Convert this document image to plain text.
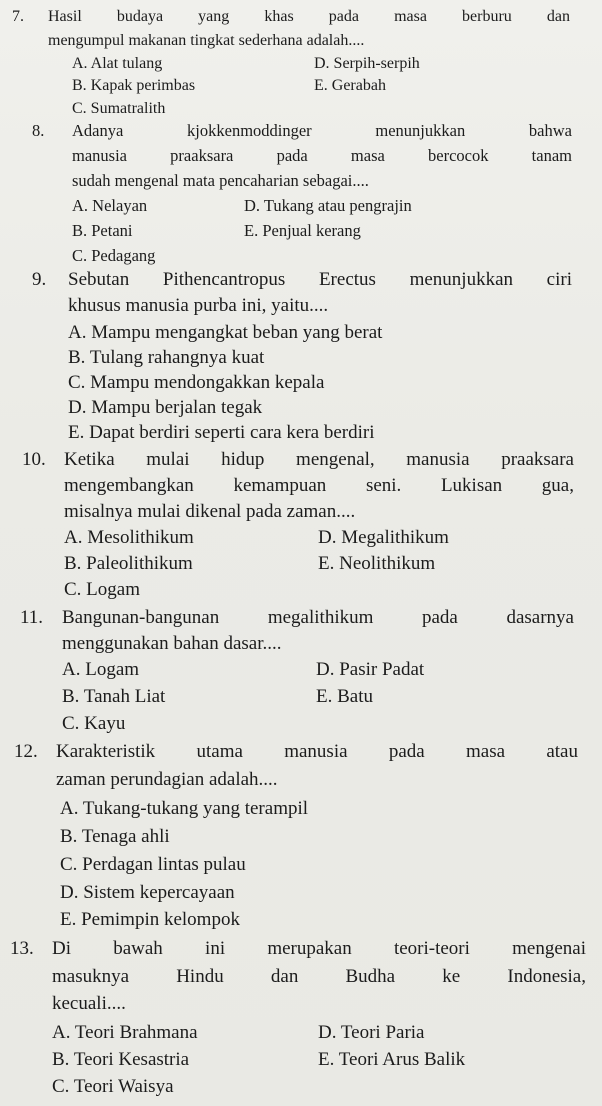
7. Hasil budaya yang khas pada masa berburu dan
mengumpul makanan tingkat sederhana adalah....
A. Alat tulang
B. Kapak perimbas
C. Sumatralith
D. Serpih-serpih
E. Gerabah
8.	Adanya kjokkenmoddinger menunjukkan bahwa
manusia praaksara pada masa bercocok tanam
sudah mengenal mata pencaharian sebagai....
A. Nelayan
B. Petani
C. Pedagang
D. Tukang atau pengrajin
E. Penjual kerang
9.	Sebutan Pithencantropus Erectus menunjukkan ciri
khusus manusia purba ini, yaitu....
A. Mampu mengangkat beban yang berat
B. Tulang rahangnya kuat
C. Mampu mendongakkan kepala
D. Mampu berjalan tegak
E. Dapat berdiri seperti cara kera berdiri
10. Ketika mulai hidup mengenal, manusia praaksara
mengembangkan kemampuan seni. Lukisan gua,
misalnya mulai dikenal pada zaman....
A. Mesolithikum
B. Paleolithikum
C. Logam
D. Megalithikum
E. Neolithikum
11. Bangunan-bangunan megalithikum pada dasarnya
menggunakan bahan dasar....
A. Logam
B. Tanah Liat
C. Kayu
D. Pasir Padat
E. Batu
12. Karakteristik utama manusia pada masa atau
zaman perundagian adalah....
A. Tukang-tukang yang terampil
B. Tenaga ahli
C. Perdagan lintas pulau
D. Sistem kepercayaan
E. Pemimpin kelompok
13. Di bawah ini merupakan teori-teori mengenai
masuknya Hindu dan Budha ke Indonesia,
kecuali....
A. Teori Brahmana
B. Teori Kesastria
C. Teori Waisya
D. Teori Paria
E. Teori Arus Balik
